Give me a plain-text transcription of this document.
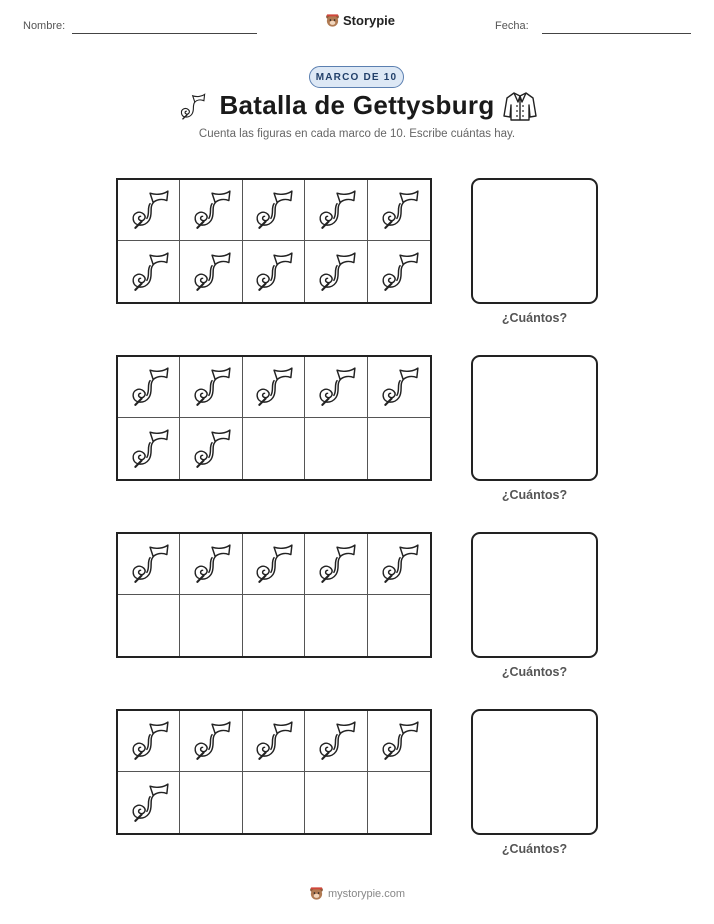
Nombre:	Storypie	Fecha:
MARCO DE 10
Batalla de Gettysburg
Cuenta las figuras en cada marco de 10. Escribe cuántas hay.
¿Cuántos?
¿Cuántos?
¿Cuántos?
¿Cuántos?
mystorypie.com
